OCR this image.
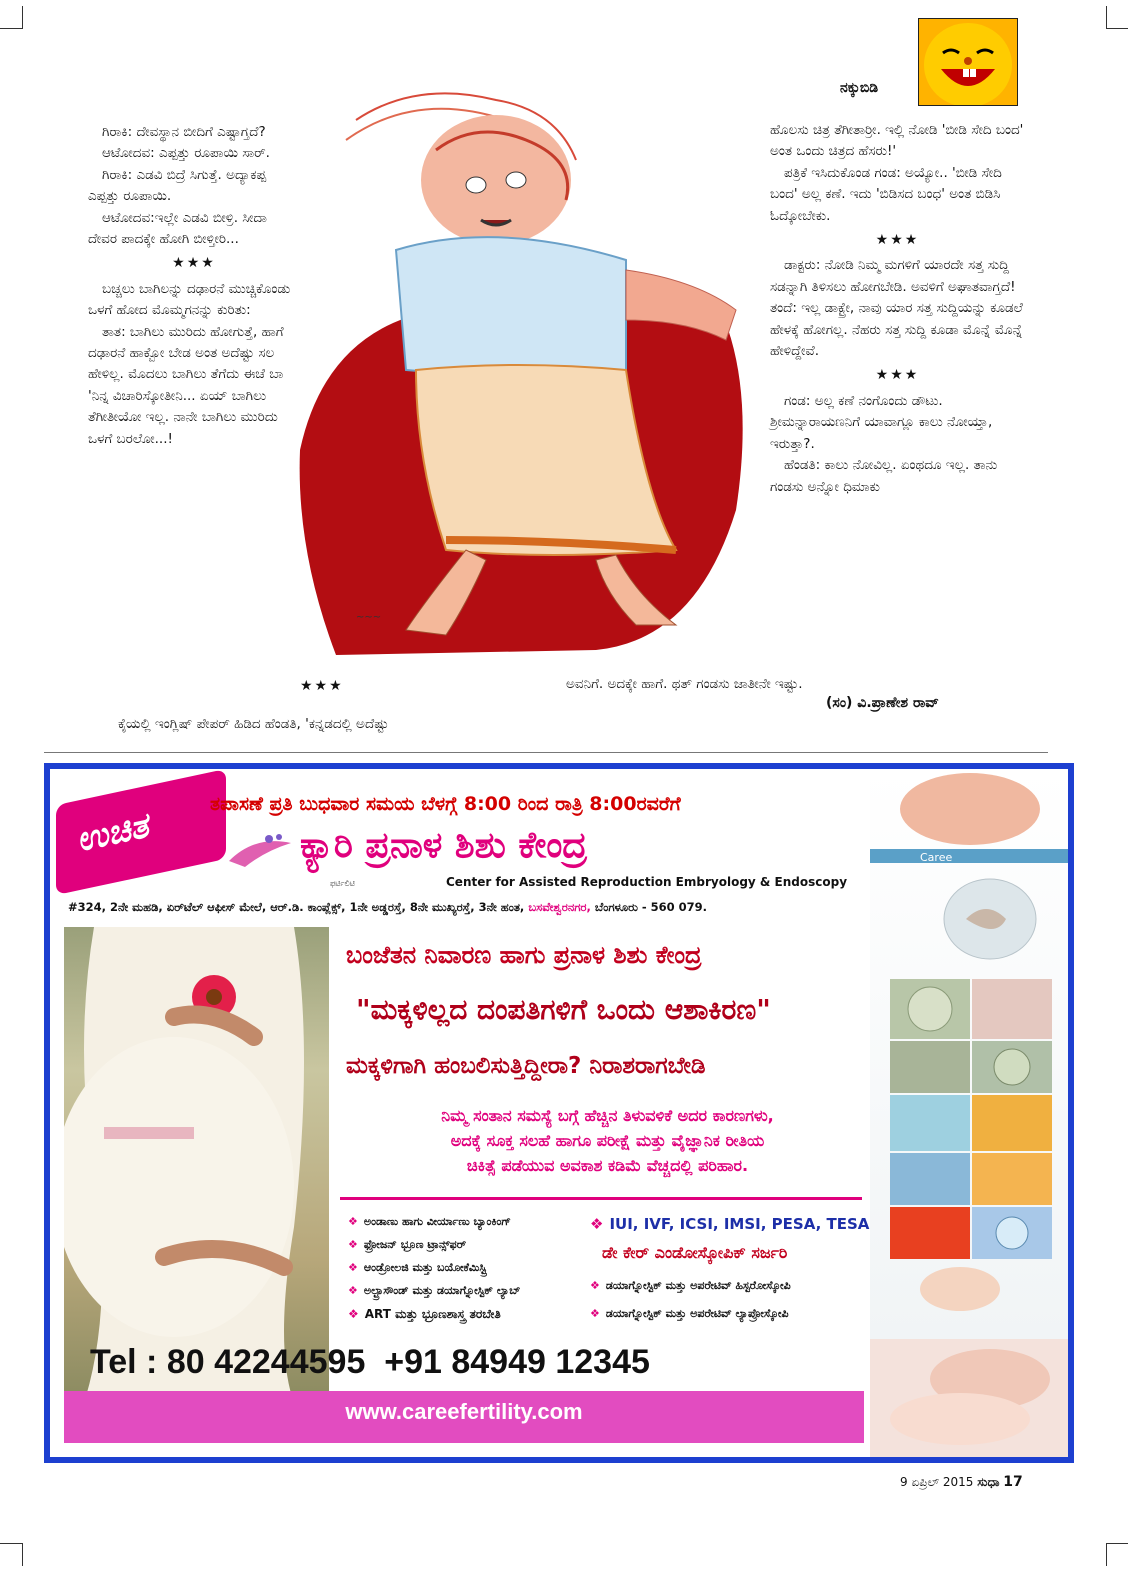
ನಕ್ಕುಬಿಡಿ
~~~

ಗಿರಾಕಿ: ದೇವಸ್ಥಾನ ಬೀದಿಗೆ ಎಷ್ಟಾಗ್ತದೆ?

ಆಟೋದವ: ಎಪ್ಪತ್ತು ರೂಪಾಯಿ ಸಾರ್.

ಗಿರಾಕಿ: ಎಡವಿ ಬಿದ್ರೆ ಸಿಗುತ್ತೆ. ಅದ್ಯಾಕಪ್ಪ ಎಪ್ಪತ್ತು ರೂಪಾಯಿ.

ಆಟೋದವ:ಇಲ್ಲೇ ಎಡವಿ ಬೀಳ್ರಿ. ಸೀದಾ ದೇವರ ಪಾದಕ್ಕೇ ಹೋಗಿ ಬೀಳ್ತೀರಿ...

★★★

ಬಚ್ಚಲು ಬಾಗಿಲನ್ನು ದಢಾರನೆ ಮುಚ್ಚಿಕೊಂಡು ಒಳಗೆ ಹೋದ ಮೊಮ್ಮಗನನ್ನು ಕುರಿತು:

ತಾತ: ಬಾಗಿಲು ಮುರಿದು ಹೋಗುತ್ತೆ, ಹಾಗೆ ದಢಾರನೆ ಹಾಕ್ಬೋ ಬೇಡ ಅಂತ ಅದೆಷ್ಟು ಸಲ ಹೇಳಿಲ್ಲ. ಮೊದಲು ಬಾಗಿಲು ತೆಗೆದು ಈಚೆ ಬಾ 'ನಿನ್ನ ವಿಚಾರಿಸ್ಕೋತೀನಿ... ಏಯ್ ಬಾಗಿಲು ತೆಗೀತೀಯೋ ಇಲ್ಲ. ನಾನೇ ಬಾಗಿಲು ಮುರಿದು ಒಳಗೆ ಬರಲೋ...!

★★★
ಕೈಯಲ್ಲಿ ಇಂಗ್ಲಿಷ್ ಪೇಪರ್ ಹಿಡಿದ ಹೆಂಡತಿ, 'ಕನ್ನಡದಲ್ಲಿ ಅದೆಷ್ಟು

ಹೊಲಸು ಚಿತ್ರ ತೆಗೀತಾರ್‍ರೀ. ಇಲ್ಲಿ ನೋಡಿ 'ಬೀಡಿ ಸೇದಿ ಬಂದ' ಅಂತ ಒಂದು ಚಿತ್ರದ ಹೆಸರು!'

ಪತ್ರಿಕೆ ಇಸಿದುಕೊಂಡ ಗಂಡ: ಅಯ್ಯೋ.. 'ಬೀಡಿ ಸೇದಿ ಬಂದ' ಅಲ್ಲ ಕಣೆ. ಇದು 'ಬಿಡಿಸದ ಬಂಧ' ಅಂತ ಬಿಡಿಸಿ ಓದ್ಕೋಬೇಕು.

★★★

ಡಾಕ್ಟರು: ನೋಡಿ ನಿಮ್ಮ ಮಗಳಿಗೆ ಯಾರದೇ ಸತ್ತ ಸುದ್ದಿ ಸಡನ್ನಾಗಿ ತಿಳಿಸಲು ಹೋಗಬೇಡಿ. ಅವಳಿಗೆ ಅಘಾತವಾಗ್ತದೆ!

ತಂದೆ: ಇಲ್ಲ ಡಾಕ್ಟ್ರೇ, ನಾವು ಯಾರ ಸತ್ತ ಸುದ್ದಿಯನ್ನು ಕೂಡಲೆ ಹೇಳಕ್ಕೆ ಹೋಗಲ್ಲ. ನೆಹರು ಸತ್ತ ಸುದ್ದಿ ಕೂಡಾ ಮೊನ್ನೆ ಮೊನ್ನೆ ಹೇಳಿದ್ದೇವೆ.

★★★

ಗಂಡ: ಅಲ್ಲ ಕಣೆ ನಂಗೊಂದು ಡೌಟು. ಶ್ರೀಮನ್ನಾರಾಯಣನಿಗೆ ಯಾವಾಗ್ಲೂ ಕಾಲು ನೋಯ್ತಾ, ಇರುತ್ತಾ?.

ಹೆಂಡತಿ: ಕಾಲು ನೋವಿಲ್ಲ. ಏಂಥದೂ ಇಲ್ಲ. ತಾನು ಗಂಡಸು ಅನ್ನೋ ಧಿಮಾಕು

ಅವನಿಗೆ. ಅದಕ್ಕೇ ಹಾಗೆ. ಥತ್ ಗಂಡಸು ಜಾತೀನೇ ಇಷ್ಟು.
(ಸಂ) ವಿ.ಪ್ರಾಣೇಶ ರಾವ್
ಉಚಿತ
ತಪಾಸಣೆ ಪ್ರತಿ ಬುಧವಾರ ಸಮಯ ಬೆಳಗ್ಗೆ 8:00 ರಿಂದ ರಾತ್ರಿ 8:00ರವರೆಗೆ
ಫರ್ಟಿಲಿಟಿ
ಕ್ಯಾರಿ ಪ್ರನಾಳ ಶಿಶು ಕೇಂದ್ರ
Center for Assisted Reproduction Embryology & Endoscopy
#324, 2ನೇ ಮಹಡಿ, ಏರ್‌ಟೆಲ್ ಆಫೀಸ್ ಮೇಲೆ, ಆರ್.ಡಿ. ಕಾಂಪ್ಲೆಕ್ಸ್, 1ನೇ ಅಡ್ಡರಸ್ತೆ, 8ನೇ ಮುಖ್ಯರಸ್ತೆ, 3ನೇ ಹಂತ, ಬಸವೇಶ್ವರನಗರ, ಬೆಂಗಳೂರು - 560 079.
ಬಂಜೆತನ ನಿವಾರಣ ಹಾಗು ಪ್ರನಾಳ ಶಿಶು ಕೇಂದ್ರ
"ಮಕ್ಕಳಿಲ್ಲದ ದಂಪತಿಗಳಿಗೆ ಒಂದು ಆಶಾಕಿರಣ"
ಮಕ್ಕಳಿಗಾಗಿ ಹಂಬಲಿಸುತ್ತಿದ್ದೀರಾ? ನಿರಾಶರಾಗಬೇಡಿ
ನಿಮ್ಮ ಸಂತಾನ ಸಮಸ್ಯೆ ಬಗ್ಗೆ ಹೆಚ್ಚಿನ ತಿಳುವಳಿಕೆ ಅದರ ಕಾರಣಗಳು,
ಅದಕ್ಕೆ ಸೂಕ್ತ ಸಲಹೆ ಹಾಗೂ ಪರೀಕ್ಷೆ ಮತ್ತು ವೈಜ್ಞಾನಿಕ ರೀತಿಯ
ಚಿಕಿತ್ಸೆ ಪಡೆಯುವ ಅವಕಾಶ ಕಡಿಮೆ ವೆಚ್ಚದಲ್ಲಿ ಪರಿಹಾರ.
❖ ಅಂಡಾಣು ಹಾಗು ವೀರ್ಯಾಣು ಬ್ಯಾಂಕಿಂಗ್
❖ ಫ್ರೋಜನ್ ಭ್ರೂಣ ಟ್ರಾನ್ಸ್‌ಫರ್
❖ ಆಂಡ್ರೋಲಜಿ ಮತ್ತು ಬಯೋಕೆಮಿಸ್ಟ್ರಿ
❖ ಅಲ್ಟ್ರಾಸೌಂಡ್ ಮತ್ತು ಡಯಾಗ್ನೋಸ್ಟಿಕ್ ಲ್ಯಾಬ್
❖ ART ಮತ್ತು ಭ್ರೂಣಶಾಸ್ತ್ರ ತರಬೇತಿ
❖ IUI, IVF, ICSI, IMSI, PESA, TESA
ಡೇ ಕೇರ್ ಎಂಡೋಸ್ಕೋಪಿಕ್ ಸರ್ಜರಿ
❖ ಡಯಾಗ್ನೋಸ್ಟಿಕ್ ಮತ್ತು ಅಪರೇಟಿವ್ ಹಿಸ್ಟರೋಸ್ಕೋಪಿ
❖ ಡಯಾಗ್ನೋಸ್ಟಿಕ್ ಮತ್ತು ಅಪರೇಟಿವ್ ಲ್ಯಾಪ್ರೋಸ್ಕೋಪಿ
Tel : 80 42244595  +91 84949 12345
www.careefertility.com
Caree
9 ಏಪ್ರಿಲ್ 2015 ಸುಧಾ 17
